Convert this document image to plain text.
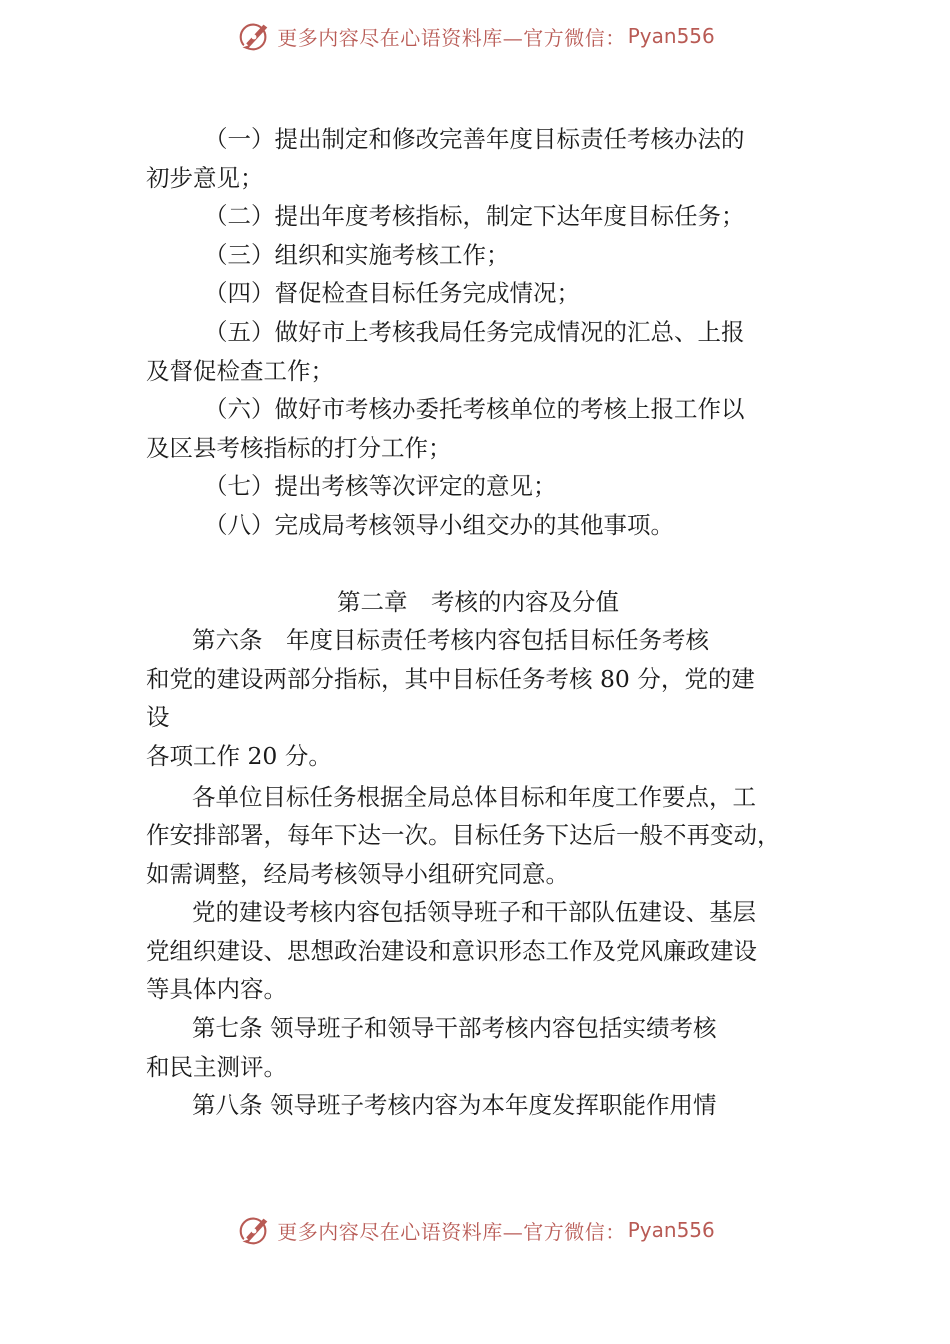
更多内容尽在心语资料库—官方微信： Pyan556

（一）提出制定和修改完善年度目标责任考核办法的
初步意见；

（二）提出年度考核指标，制定下达年度目标任务；

（三）组织和实施考核工作；

（四）督促检查目标任务完成情况；

（五）做好市上考核我局任务完成情况的汇总、上报
及督促检查工作；

（六）做好市考核办委托考核单位的考核上报工作以
及区县考核指标的打分工作；

（七）提出考核等次评定的意见；

（八）完成局考核领导小组交办的其他事项。

第二章　考核的内容及分值

第六条　年度目标责任考核内容包括目标任务考核
和党的建设两部分指标，其中目标任务考核 80 分，党的建
设

各项工作 20 分。

各单位目标任务根据全局总体目标和年度工作要点，工
作安排部署，每年下达一次。目标任务下达后一般不再变动，
如需调整，经局考核领导小组研究同意。

党的建设考核内容包括领导班子和干部队伍建设、基层
党组织建设、思想政治建设和意识形态工作及党风廉政建设
等具体内容。

第七条 领导班子和领导干部考核内容包括实绩考核
和民主测评。

第八条 领导班子考核内容为本年度发挥职能作用情

更多内容尽在心语资料库—官方微信： Pyan556
